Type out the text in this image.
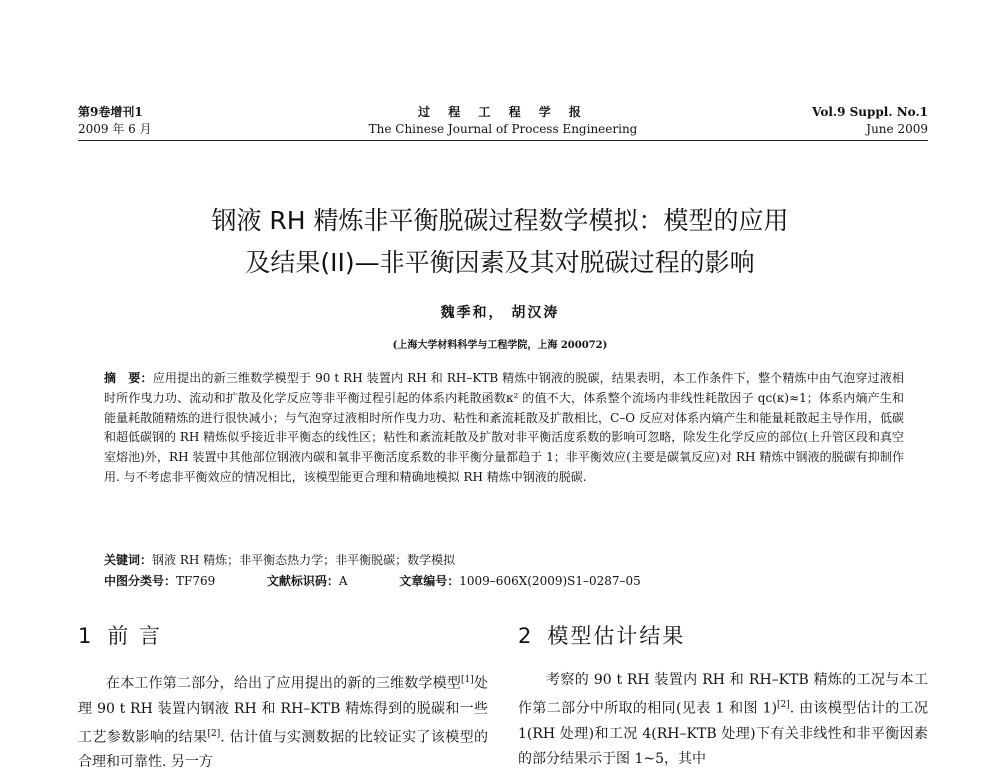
第9卷增刊1	过 程 工 程 学 报	Vol.9 Suppl. No.1
2009 年 6 月	The Chinese Journal of Process Engineering	June 2009
钢液 RH 精炼非平衡脱碳过程数学模拟：模型的应用
及结果(II)—非平衡因素及其对脱碳过程的影响
魏季和， 胡汉涛
(上海大学材料科学与工程学院，上海 200072)
摘　要：应用提出的新三维数学模型于 90 t RH 装置内 RH 和 RH–KTB 精炼中钢液的脱碳，结果表明，本工作条件下，整个精炼中由气泡穿过液相时所作曳力功、流动和扩散及化学反应等非平衡过程引起的体系内耗散函数κ² 的值不大，体系整个流场内非线性耗散因子 qc(κ)≈1；体系内熵产生和能量耗散随精炼的进行很快减小；与气泡穿过液相时所作曳力功、粘性和紊流耗散及扩散相比，C–O 反应对体系内熵产生和能量耗散起主导作用，低碳和超低碳钢的 RH 精炼似乎接近非平衡态的线性区；粘性和紊流耗散及扩散对非平衡活度系数的影响可忽略，除发生化学反应的部位(上升管区段和真空室熔池)外，RH 装置中其他部位钢液内碳和氧非平衡活度系数的非平衡分量都趋于 1；非平衡效应(主要是碳氧反应)对 RH 精炼中钢液的脱碳有抑制作用. 与不考虑非平衡效应的情况相比，该模型能更合理和精确地模拟 RH 精炼中钢液的脱碳.
关键词：钢液 RH 精炼；非平衡态热力学；非平衡脱碳；数学模拟
中图分类号：TF769	文献标识码：A	文章编号：1009–606X(2009)S1–0287–05
1 前 言
在本工作第二部分，给出了应用提出的新的三维数学模型[1]处理 90 t RH 装置内钢液 RH 和 RH–KTB 精炼得到的脱碳和一些工艺参数影响的结果[2]. 估计值与实测数据的比较证实了该模型的合理和可靠性. 另一方
2 模型估计结果
考察的 90 t RH 装置内 RH 和 RH–KTB 精炼的工况与本工作第二部分中所取的相同(见表 1 和图 1)[2]. 由该模型估计的工况 1(RH 处理)和工况 4(RH–KTB 处理)下有关非线性和非平衡因素的部分结果示于图 1~5，其中
